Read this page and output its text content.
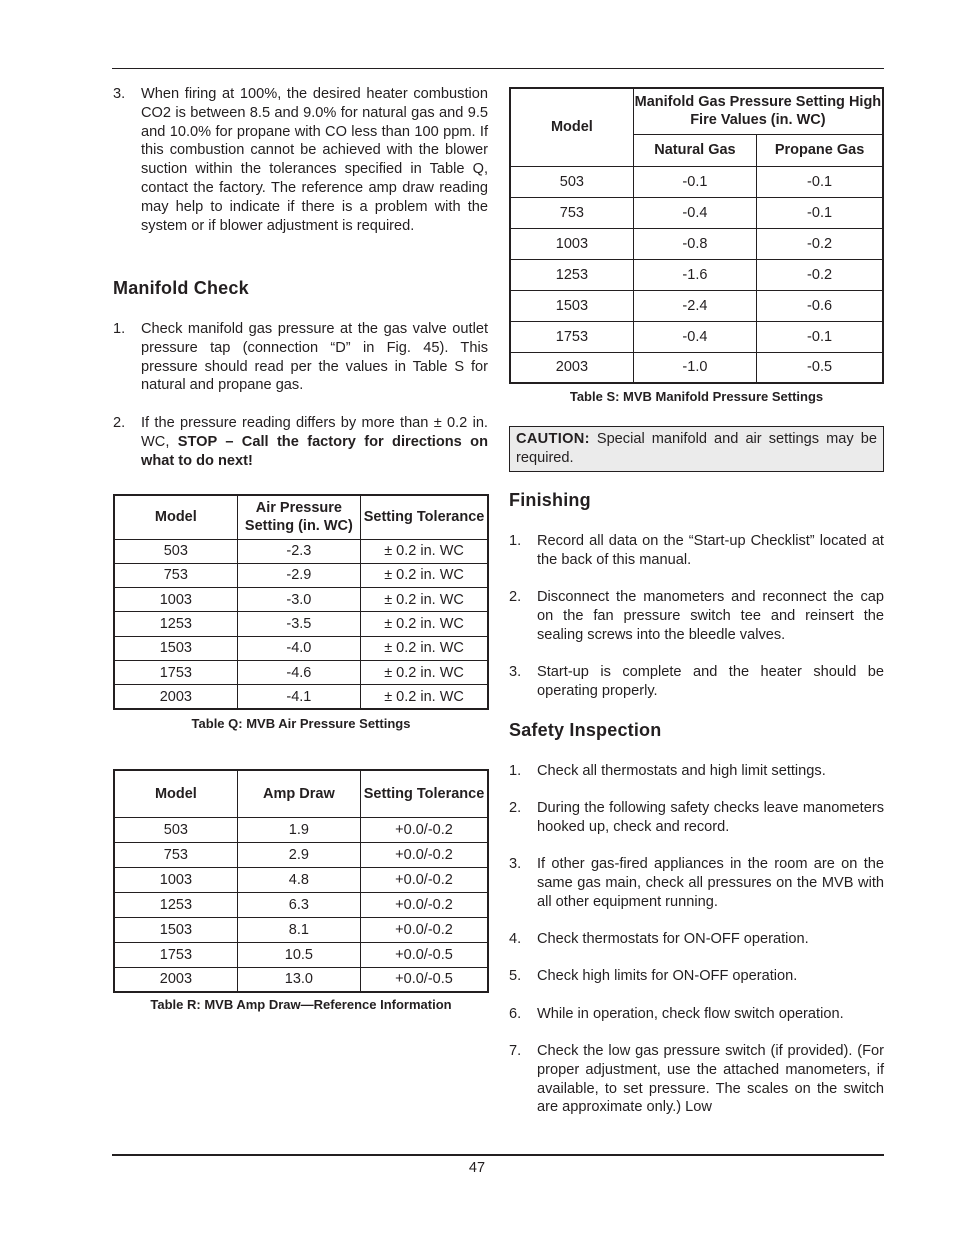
3. When firing at 100%, the desired heater combustion CO2 is between 8.5 and 9.0% for natural gas and 9.5 and 10.0% for propane with CO less than 100 ppm. If this combustion cannot be achieved with the blower suction within the tolerances specified in Table Q, contact the factory. The reference amp draw reading may help to indicate if there is a problem with the system or if blower adjustment is required.
Manifold Check
1. Check manifold gas pressure at the gas valve outlet pressure tap (connection “D” in Fig. 45). This pressure should read per the values in Table S for natural and propane gas.
2. If the pressure reading differs by more than ± 0.2 in. WC, STOP – Call the factory for directions on what to do next!
Model	Air Pressure Setting (in. WC)	Setting Tolerance
503	-2.3	± 0.2 in. WC
753	-2.9	± 0.2 in. WC
1003	-3.0	± 0.2 in. WC
1253	-3.5	± 0.2 in. WC
1503	-4.0	± 0.2 in. WC
1753	-4.6	± 0.2 in. WC
2003	-4.1	± 0.2 in. WC
Table Q: MVB Air Pressure Settings
Model	Amp Draw	Setting Tolerance
503	1.9	+0.0/-0.2
753	2.9	+0.0/-0.2
1003	4.8	+0.0/-0.2
1253	6.3	+0.0/-0.2
1503	8.1	+0.0/-0.2
1753	10.5	+0.0/-0.5
2003	13.0	+0.0/-0.5
Table R: MVB Amp Draw—Reference Information
Model	Manifold Gas Pressure Setting High Fire Values (in. WC)	
	Natural Gas	Propane Gas
503	-0.1	-0.1
753	-0.4	-0.1
1003	-0.8	-0.2
1253	-1.6	-0.2
1503	-2.4	-0.6
1753	-0.4	-0.1
2003	-1.0	-0.5
Table S: MVB Manifold Pressure Settings
CAUTION: Special manifold and air settings may be required.
Finishing
1. Record all data on the “Start-up Checklist” located at the back of this manual.
2. Disconnect the manometers and reconnect the cap on the fan pressure switch tee and reinsert the sealing screws into the bleedle valves.
3. Start-up is complete and the heater should be operating properly.
Safety Inspection
1. Check all thermostats and high limit settings.
2. During the following safety checks leave manometers hooked up, check and record.
3. If other gas-fired appliances in the room are on the same gas main, check all pressures on the MVB with all other equipment running.
4. Check thermostats for ON-OFF operation.
5. Check high limits for ON-OFF operation.
6. While in operation, check flow switch operation.
7. Check the low gas pressure switch (if provided). (For proper adjustment, use the attached manometers, if available, to set pressure. The scales on the switch are approximate only.) Low
47
